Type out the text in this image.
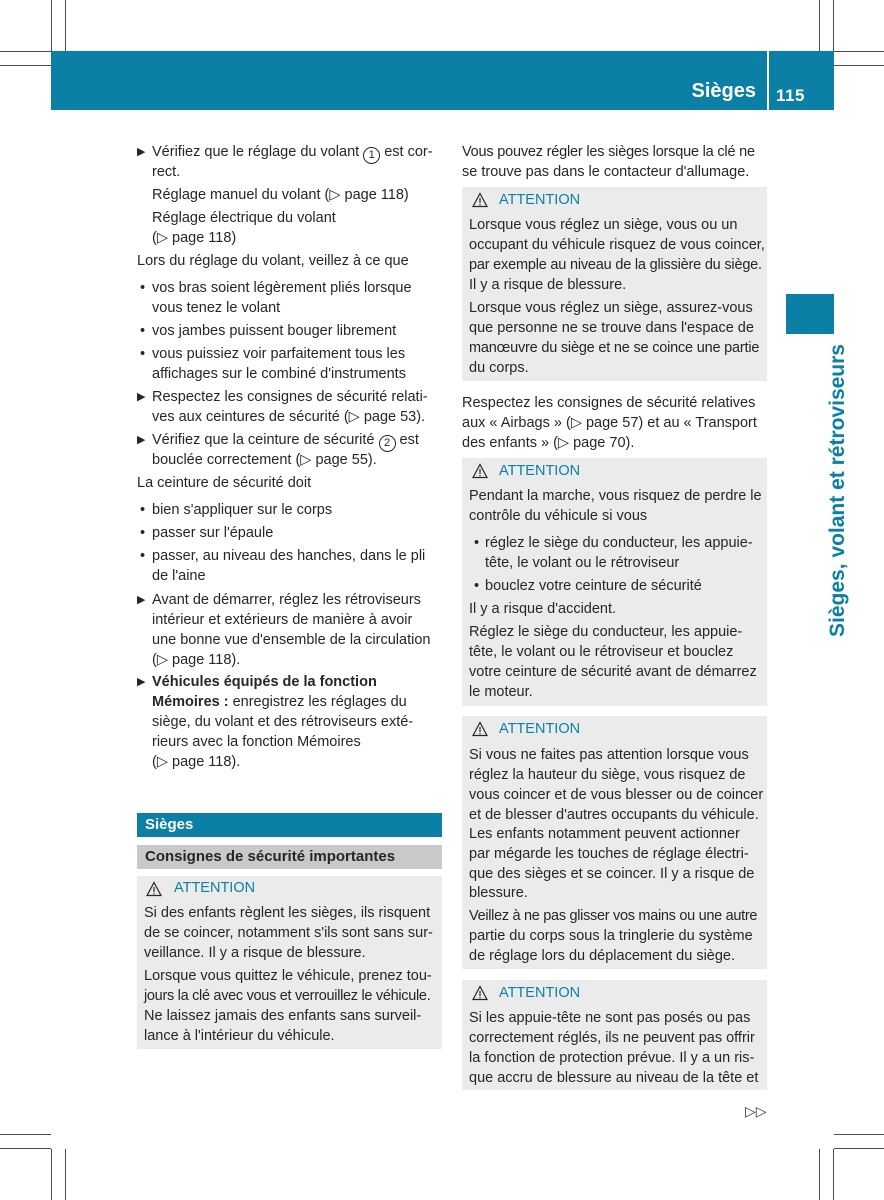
Sièges 115
Sièges, volant et rétroviseurs
▶ Vérifiez que le réglage du volant 1 est cor-
rect.
Réglage manuel du volant (▷ page 118)
Réglage électrique du volant
(▷ page 118)
Lors du réglage du volant, veillez à ce que
• vos bras soient légèrement pliés lorsque
vous tenez le volant
• vos jambes puissent bouger librement
• vous puissiez voir parfaitement tous les
affichages sur le combiné d'instruments
▶ Respectez les consignes de sécurité relati-
ves aux ceintures de sécurité (▷ page 53).
▶ Vérifiez que la ceinture de sécurité 2 est
bouclée correctement (▷ page 55).
La ceinture de sécurité doit
• bien s'appliquer sur le corps
• passer sur l'épaule
• passer, au niveau des hanches, dans le pli
de l'aine
▶ Avant de démarrer, réglez les rétroviseurs
intérieur et extérieurs de manière à avoir
une bonne vue d'ensemble de la circulation
(▷ page 118).
▶ Véhicules équipés de la fonction
Mémoires : enregistrez les réglages du
siège, du volant et des rétroviseurs exté-
rieurs avec la fonction Mémoires
(▷ page 118).
Sièges
Consignes de sécurité importantes
ATTENTION
Si des enfants règlent les sièges, ils risquent
de se coincer, notamment s'ils sont sans sur-
veillance. Il y a risque de blessure.
Lorsque vous quittez le véhicule, prenez tou-
jours la clé avec vous et verrouillez le véhicule.
Ne laissez jamais des enfants sans surveil-
lance à l'intérieur du véhicule.
Vous pouvez régler les sièges lorsque la clé ne
se trouve pas dans le contacteur d'allumage.
ATTENTION
Lorsque vous réglez un siège, vous ou un
occupant du véhicule risquez de vous coincer,
par exemple au niveau de la glissière du siège.
Il y a risque de blessure.
Lorsque vous réglez un siège, assurez-vous
que personne ne se trouve dans l'espace de
manœuvre du siège et ne se coince une partie
du corps.
Respectez les consignes de sécurité relatives
aux « Airbags » (▷ page 57) et au « Transport
des enfants » (▷ page 70).
ATTENTION
Pendant la marche, vous risquez de perdre le
contrôle du véhicule si vous
• réglez le siège du conducteur, les appuie-
tête, le volant ou le rétroviseur
• bouclez votre ceinture de sécurité
Il y a risque d'accident.
Réglez le siège du conducteur, les appuie-
tête, le volant ou le rétroviseur et bouclez
votre ceinture de sécurité avant de démarrez
le moteur.
ATTENTION
Si vous ne faites pas attention lorsque vous
réglez la hauteur du siège, vous risquez de
vous coincer et de vous blesser ou de coincer
et de blesser d'autres occupants du véhicule.
Les enfants notamment peuvent actionner
par mégarde les touches de réglage électri-
que des sièges et se coincer. Il y a risque de
blessure.
Veillez à ne pas glisser vos mains ou une autre
partie du corps sous la tringlerie du système
de réglage lors du déplacement du siège.
ATTENTION
Si les appuie-tête ne sont pas posés ou pas
correctement réglés, ils ne peuvent pas offrir
la fonction de protection prévue. Il y a un ris-
que accru de blessure au niveau de la tête et
▷▷
